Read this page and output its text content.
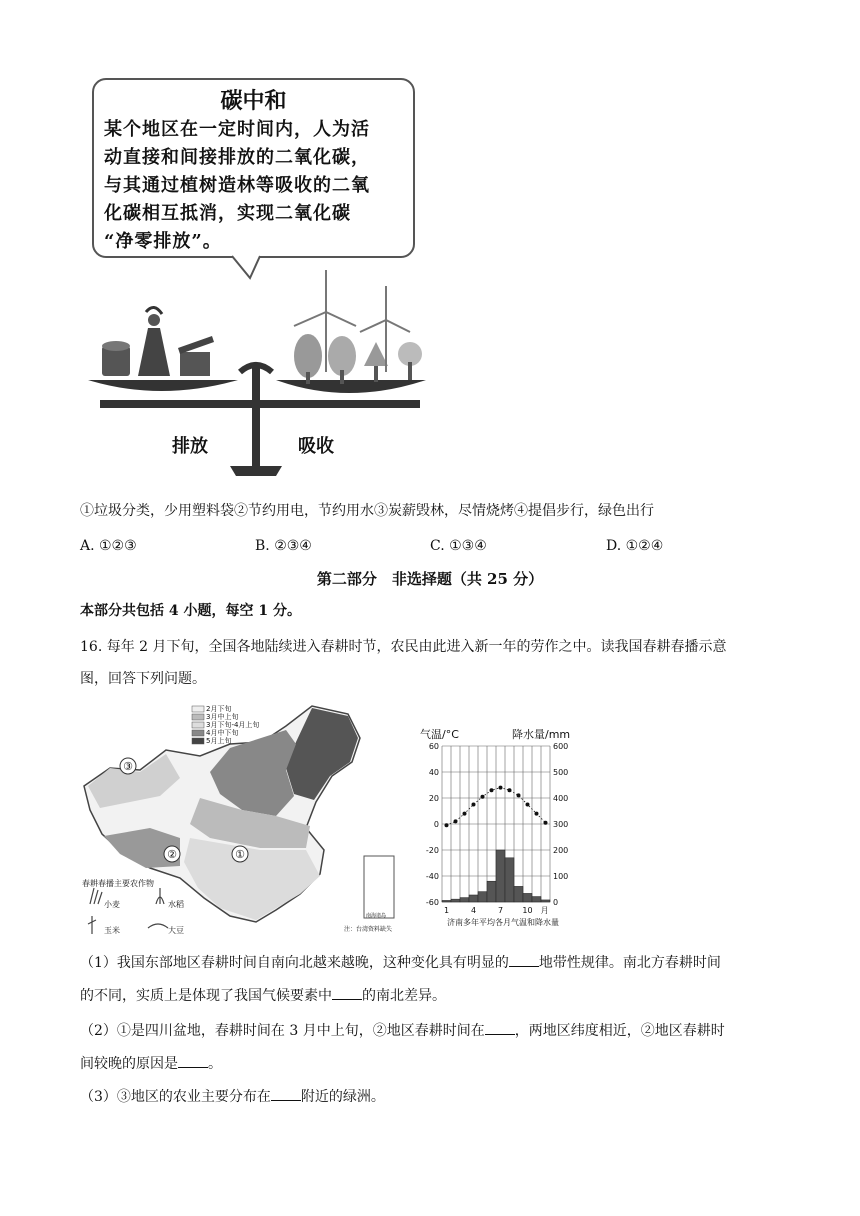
碳中和
某个地区在一定时间内，人为活
动直接和间接排放的二氧化碳，
与其通过植树造林等吸收的二氧
化碳相互抵消，实现二氧化碳
“净零排放”。
排放	吸收
①垃圾分类，少用塑料袋②节约用电，节约用水③炭薪毁林，尽情烧烤④提倡步行，绿色出行
A. ①②③	B. ②③④	C. ①③④	D. ①②④
第二部分　非选择题（共 25 分）
本部分共包括 4 小题，每空 1 分。
16. 每年 2 月下旬，全国各地陆续进入春耕时节，农民由此进入新一年的劳作之中。读我国春耕春播示意
图，回答下列问题。
③
②	①
2月下旬
3月中上旬
3月下旬-4月上旬
4月中下旬
5月上旬
春耕春播主要农作物
小麦	水稻
玉米	大豆	注：台湾资料缺失
南海诸岛
气温/°C	降水量/mm
60
40
20
0
-20
-40
-60
600
500
400
300
200
100
0
1	4	7 10 月
济南多年平均各月气温和降水量
（1）我国东部地区春耕时间自南向北越来越晚，这种变化具有明显的 地带性规律。南北方春耕时间
的不同，实质上是体现了我国气候要素中 的南北差异。
（2）①是四川盆地，春耕时间在 3 月中上旬，②地区春耕时间在 ，两地区纬度相近，②地区春耕时
间较晚的原因是 。
（3）③地区的农业主要分布在 附近的绿洲。
